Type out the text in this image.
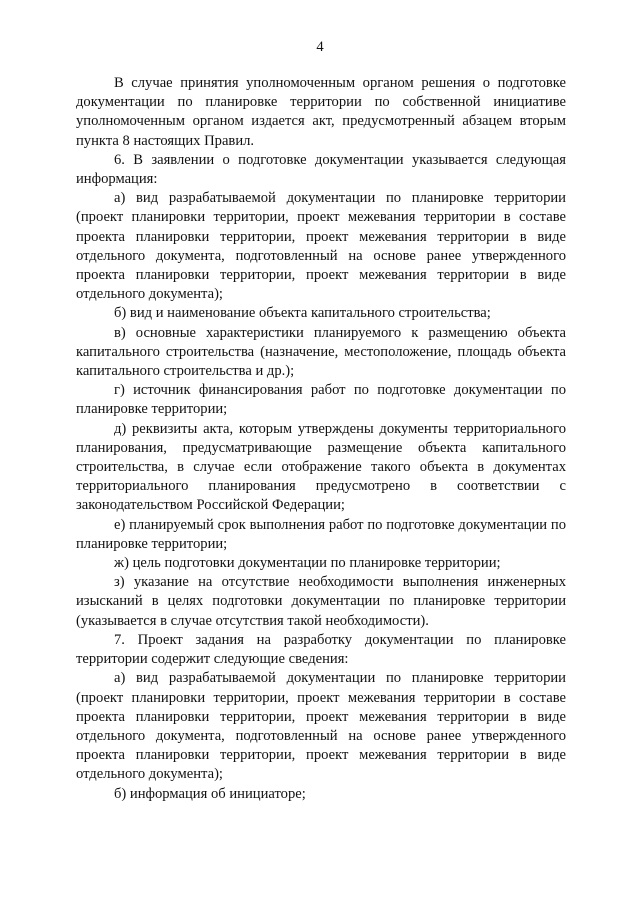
4

В случае принятия уполномоченным органом решения о подготовке документации по планировке территории по собственной инициативе уполномоченным органом издается акт, предусмотренный абзацем вторым пункта 8 настоящих Правил.

6. В заявлении о подготовке документации указывается следующая информация:

а) вид разрабатываемой документации по планировке территории (проект планировки территории, проект межевания территории в составе проекта планировки территории, проект межевания территории в виде отдельного документа, подготовленный на основе ранее утвержденного проекта планировки территории, проект межевания территории в виде отдельного документа);

б) вид и наименование объекта капитального строительства;

в) основные характеристики планируемого к размещению объекта капитального строительства (назначение, местоположение, площадь объекта капитального строительства и др.);

г) источник финансирования работ по подготовке документации по планировке территории;

д) реквизиты акта, которым утверждены документы территориального планирования, предусматривающие размещение объекта капитального строительства, в случае если отображение такого объекта в документах территориального планирования предусмотрено в соответствии с законодательством Российской Федерации;

е) планируемый срок выполнения работ по подготовке документации по планировке территории;

ж) цель подготовки документации по планировке территории;

з) указание на отсутствие необходимости выполнения инженерных изысканий в целях подготовки документации по планировке территории (указывается в случае отсутствия такой необходимости).

7. Проект задания на разработку документации по планировке территории содержит следующие сведения:

а) вид разрабатываемой документации по планировке территории (проект планировки территории, проект межевания территории в составе проекта планировки территории, проект межевания территории в виде отдельного документа, подготовленный на основе ранее утвержденного проекта планировки территории, проект межевания территории в виде отдельного документа);

б) информация об инициаторе;
